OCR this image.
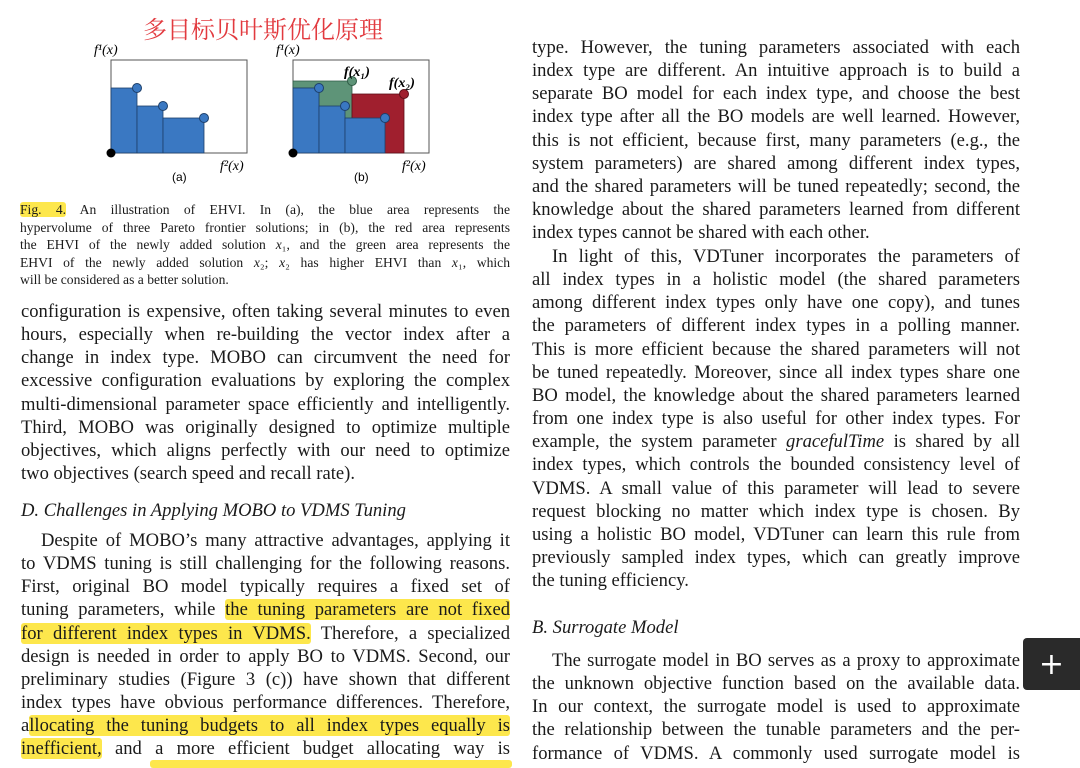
多目标贝叶斯优化原理
f¹(x)
f²(x)
(a)
f¹(x)
f(x₁)
f(x₂)
f²(x)
(b)
Fig. 4. An illustration of EHVI. In (a), the blue area represents the
hypervolume of three Pareto frontier solutions; in (b), the red area represents
the EHVI of the newly added solution x₁, and the green area represents the
EHVI of the newly added solution x₂; x₂ has higher EHVI than x₁, which
will be considered as a better solution.
configuration is expensive, often taking several minutes to even
hours, especially when re-building the vector index after a
change in index type. MOBO can circumvent the need for
excessive configuration evaluations by exploring the complex
multi-dimensional parameter space efficiently and intelligently.
Third, MOBO was originally designed to optimize multiple
objectives, which aligns perfectly with our need to optimize
two objectives (search speed and recall rate).
D. Challenges in Applying MOBO to VDMS Tuning
Despite of MOBO’s many attractive advantages, applying it
to VDMS tuning is still challenging for the following reasons.
First, original BO model typically requires a fixed set of
tuning parameters, while the tuning parameters are not fixed
for different index types in VDMS. Therefore, a specialized
design is needed in order to apply BO to VDMS. Second, our
preliminary studies (Figure 3 (c)) have shown that different
index types have obvious performance differences. Therefore,
allocating the tuning budgets to all index types equally is
inefficient, and a more efficient budget allocating way is
type. However, the tuning parameters associated with each
index type are different. An intuitive approach is to build a
separate BO model for each index type, and choose the best
index type after all the BO models are well learned. However,
this is not efficient, because first, many parameters (e.g., the
system parameters) are shared among different index types,
and the shared parameters will be tuned repeatedly; second, the
knowledge about the shared parameters learned from different
index types cannot be shared with each other.
In light of this, VDTuner incorporates the parameters of
all index types in a holistic model (the shared parameters
among different index types only have one copy), and tunes
the parameters of different index types in a polling manner.
This is more efficient because the shared parameters will not
be tuned repeatedly. Moreover, since all index types share one
BO model, the knowledge about the shared parameters learned
from one index type is also useful for other index types. For
example, the system parameter gracefulTime is shared by all
index types, which controls the bounded consistency level of
VDMS. A small value of this parameter will lead to severe
request blocking no matter which index type is chosen. By
using a holistic BO model, VDTuner can learn this rule from
previously sampled index types, which can greatly improve
the tuning efficiency.
B. Surrogate Model
The surrogate model in BO serves as a proxy to approximate
the unknown objective function based on the available data.
In our context, the surrogate model is used to approximate
the relationship between the tunable parameters and the per-
formance of VDMS. A commonly used surrogate model is
+
